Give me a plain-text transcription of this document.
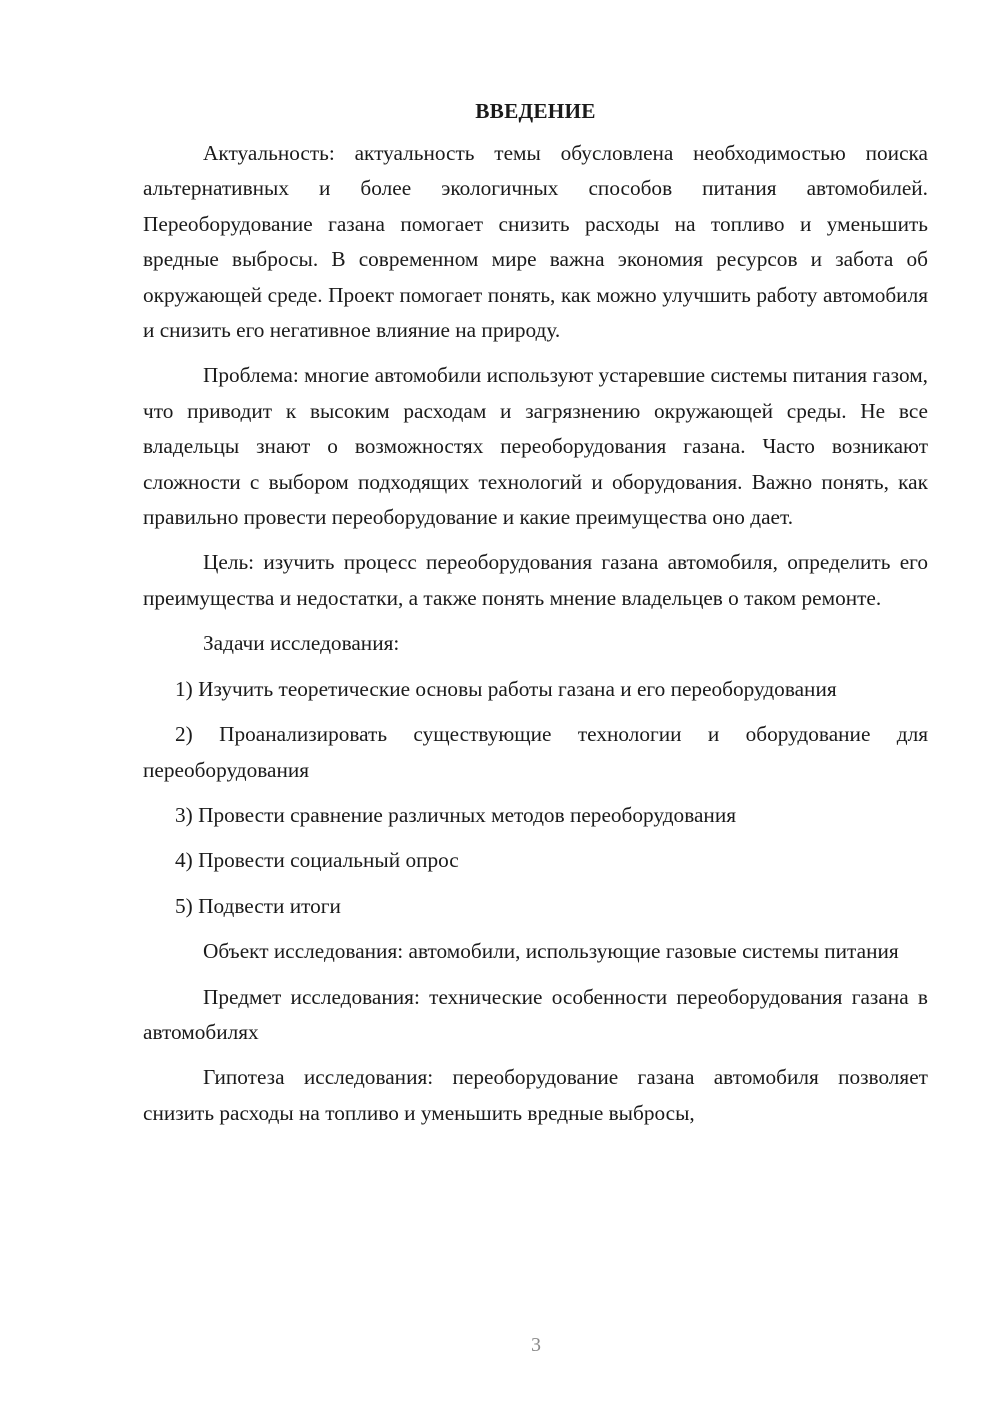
ВВЕДЕНИЕ

Актуальность: актуальность темы обусловлена необходимостью поиска альтернативных и более экологичных способов питания автомобилей. Переоборудование газана помогает снизить расходы на топливо и уменьшить вредные выбросы. В современном мире важна экономия ресурсов и забота об окружающей среде. Проект помогает понять, как можно улучшить работу автомобиля и снизить его негативное влияние на природу.

Проблема: многие автомобили используют устаревшие системы питания газом, что приводит к высоким расходам и загрязнению окружающей среды. Не все владельцы знают о возможностях переоборудования газана. Часто возникают сложности с выбором подходящих технологий и оборудования. Важно понять, как правильно провести переоборудование и какие преимущества оно дает.

Цель: изучить процесс переоборудования газана автомобиля, определить его преимущества и недостатки, а также понять мнение владельцев о таком ремонте.

Задачи исследования:

1) Изучить теоретические основы работы газана и его переоборудования

2) Проанализировать существующие технологии и оборудование для переоборудования

3) Провести сравнение различных методов переоборудования

4) Провести социальный опрос

5) Подвести итоги

Объект исследования: автомобили, использующие газовые системы питания

Предмет исследования: технические особенности переоборудования газана в автомобилях

Гипотеза исследования: переоборудование газана автомобиля позволяет снизить расходы на топливо и уменьшить вредные выбросы,

3
